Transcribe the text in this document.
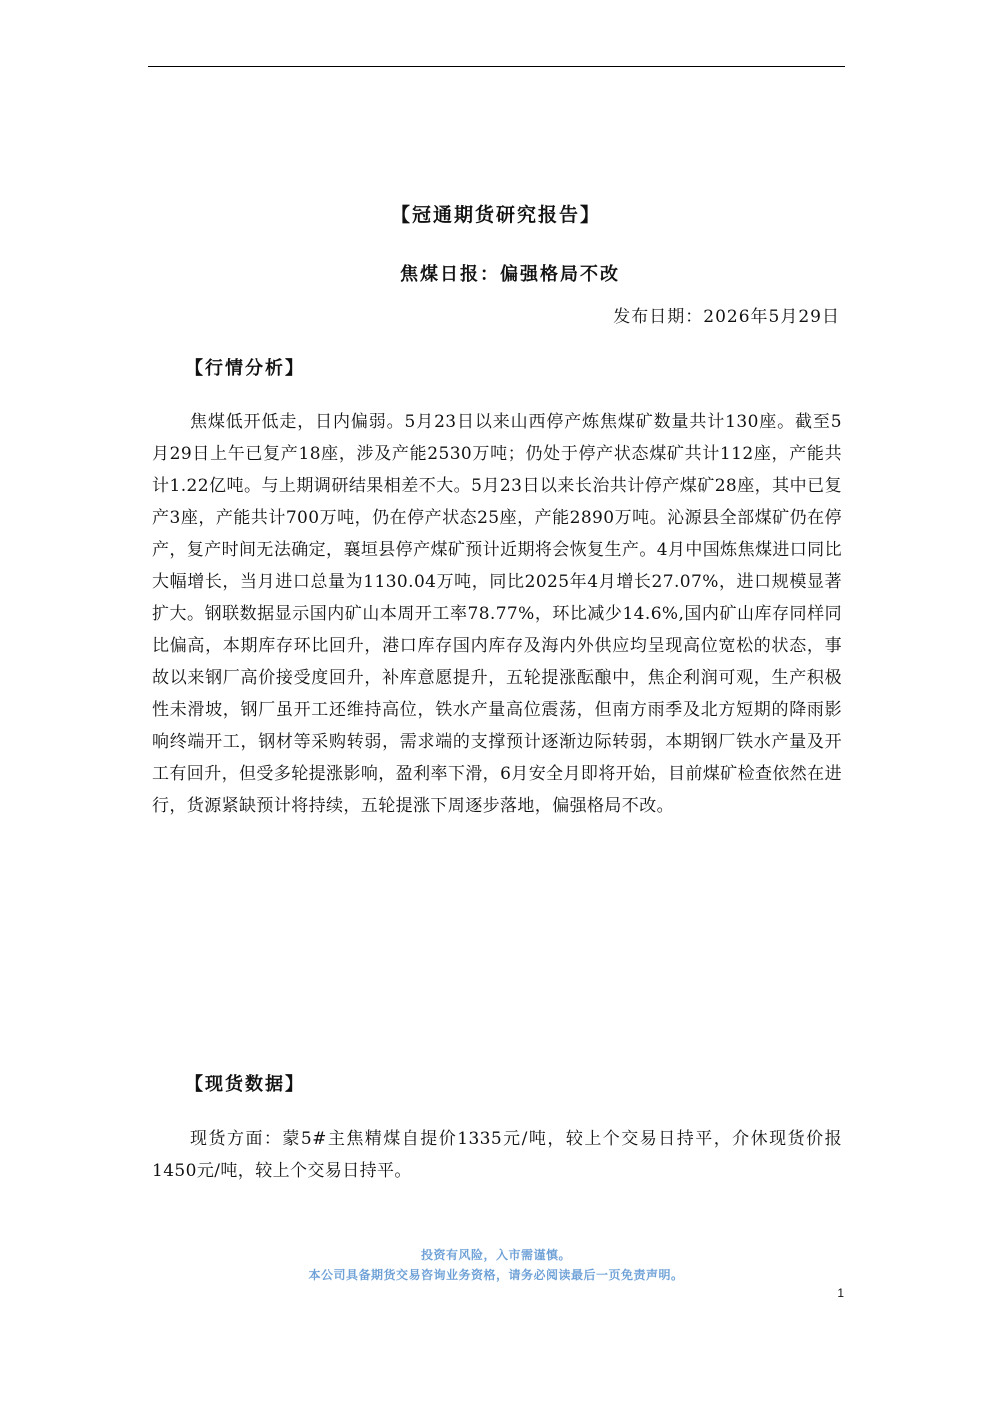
【冠通期货研究报告】
焦煤日报：偏强格局不改
发布日期：2026年5月29日
【行情分析】

焦煤低开低走，日内偏弱。5月23日以来山西停产炼焦煤矿数量共计130座。截至5月29日上午已复产18座，涉及产能2530万吨；仍处于停产状态煤矿共计112座，产能共计1.22亿吨。与上期调研结果相差不大。5月23日以来长治共计停产煤矿28座，其中已复产3座，产能共计700万吨，仍在停产状态25座，产能2890万吨。沁源县全部煤矿仍在停产，复产时间无法确定，襄垣县停产煤矿预计近期将会恢复生产。4月中国炼焦煤进口同比大幅增长，当月进口总量为1130.04万吨，同比2025年4月增长27.07%，进口规模显著扩大。钢联数据显示国内矿山本周开工率78.77%，环比减少14.6%,国内矿山库存同样同比偏高，本期库存环比回升，港口库存国内库存及海内外供应均呈现高位宽松的状态，事故以来钢厂高价接受度回升，补库意愿提升，五轮提涨酝酿中，焦企利润可观，生产积极性未滑坡，钢厂虽开工还维持高位，铁水产量高位震荡，但南方雨季及北方短期的降雨影响终端开工，钢材等采购转弱，需求端的支撑预计逐渐边际转弱，本期钢厂铁水产量及开工有回升，但受多轮提涨影响，盈利率下滑，6月安全月即将开始，目前煤矿检查依然在进行，货源紧缺预计将持续，五轮提涨下周逐步落地，偏强格局不改。

【现货数据】

现货方面：蒙5#主焦精煤自提价1335元/吨，较上个交易日持平，介休现货价报1450元/吨，较上个交易日持平。

投资有风险，入市需谨慎。
本公司具备期货交易咨询业务资格，请务必阅读最后一页免责声明。
1
